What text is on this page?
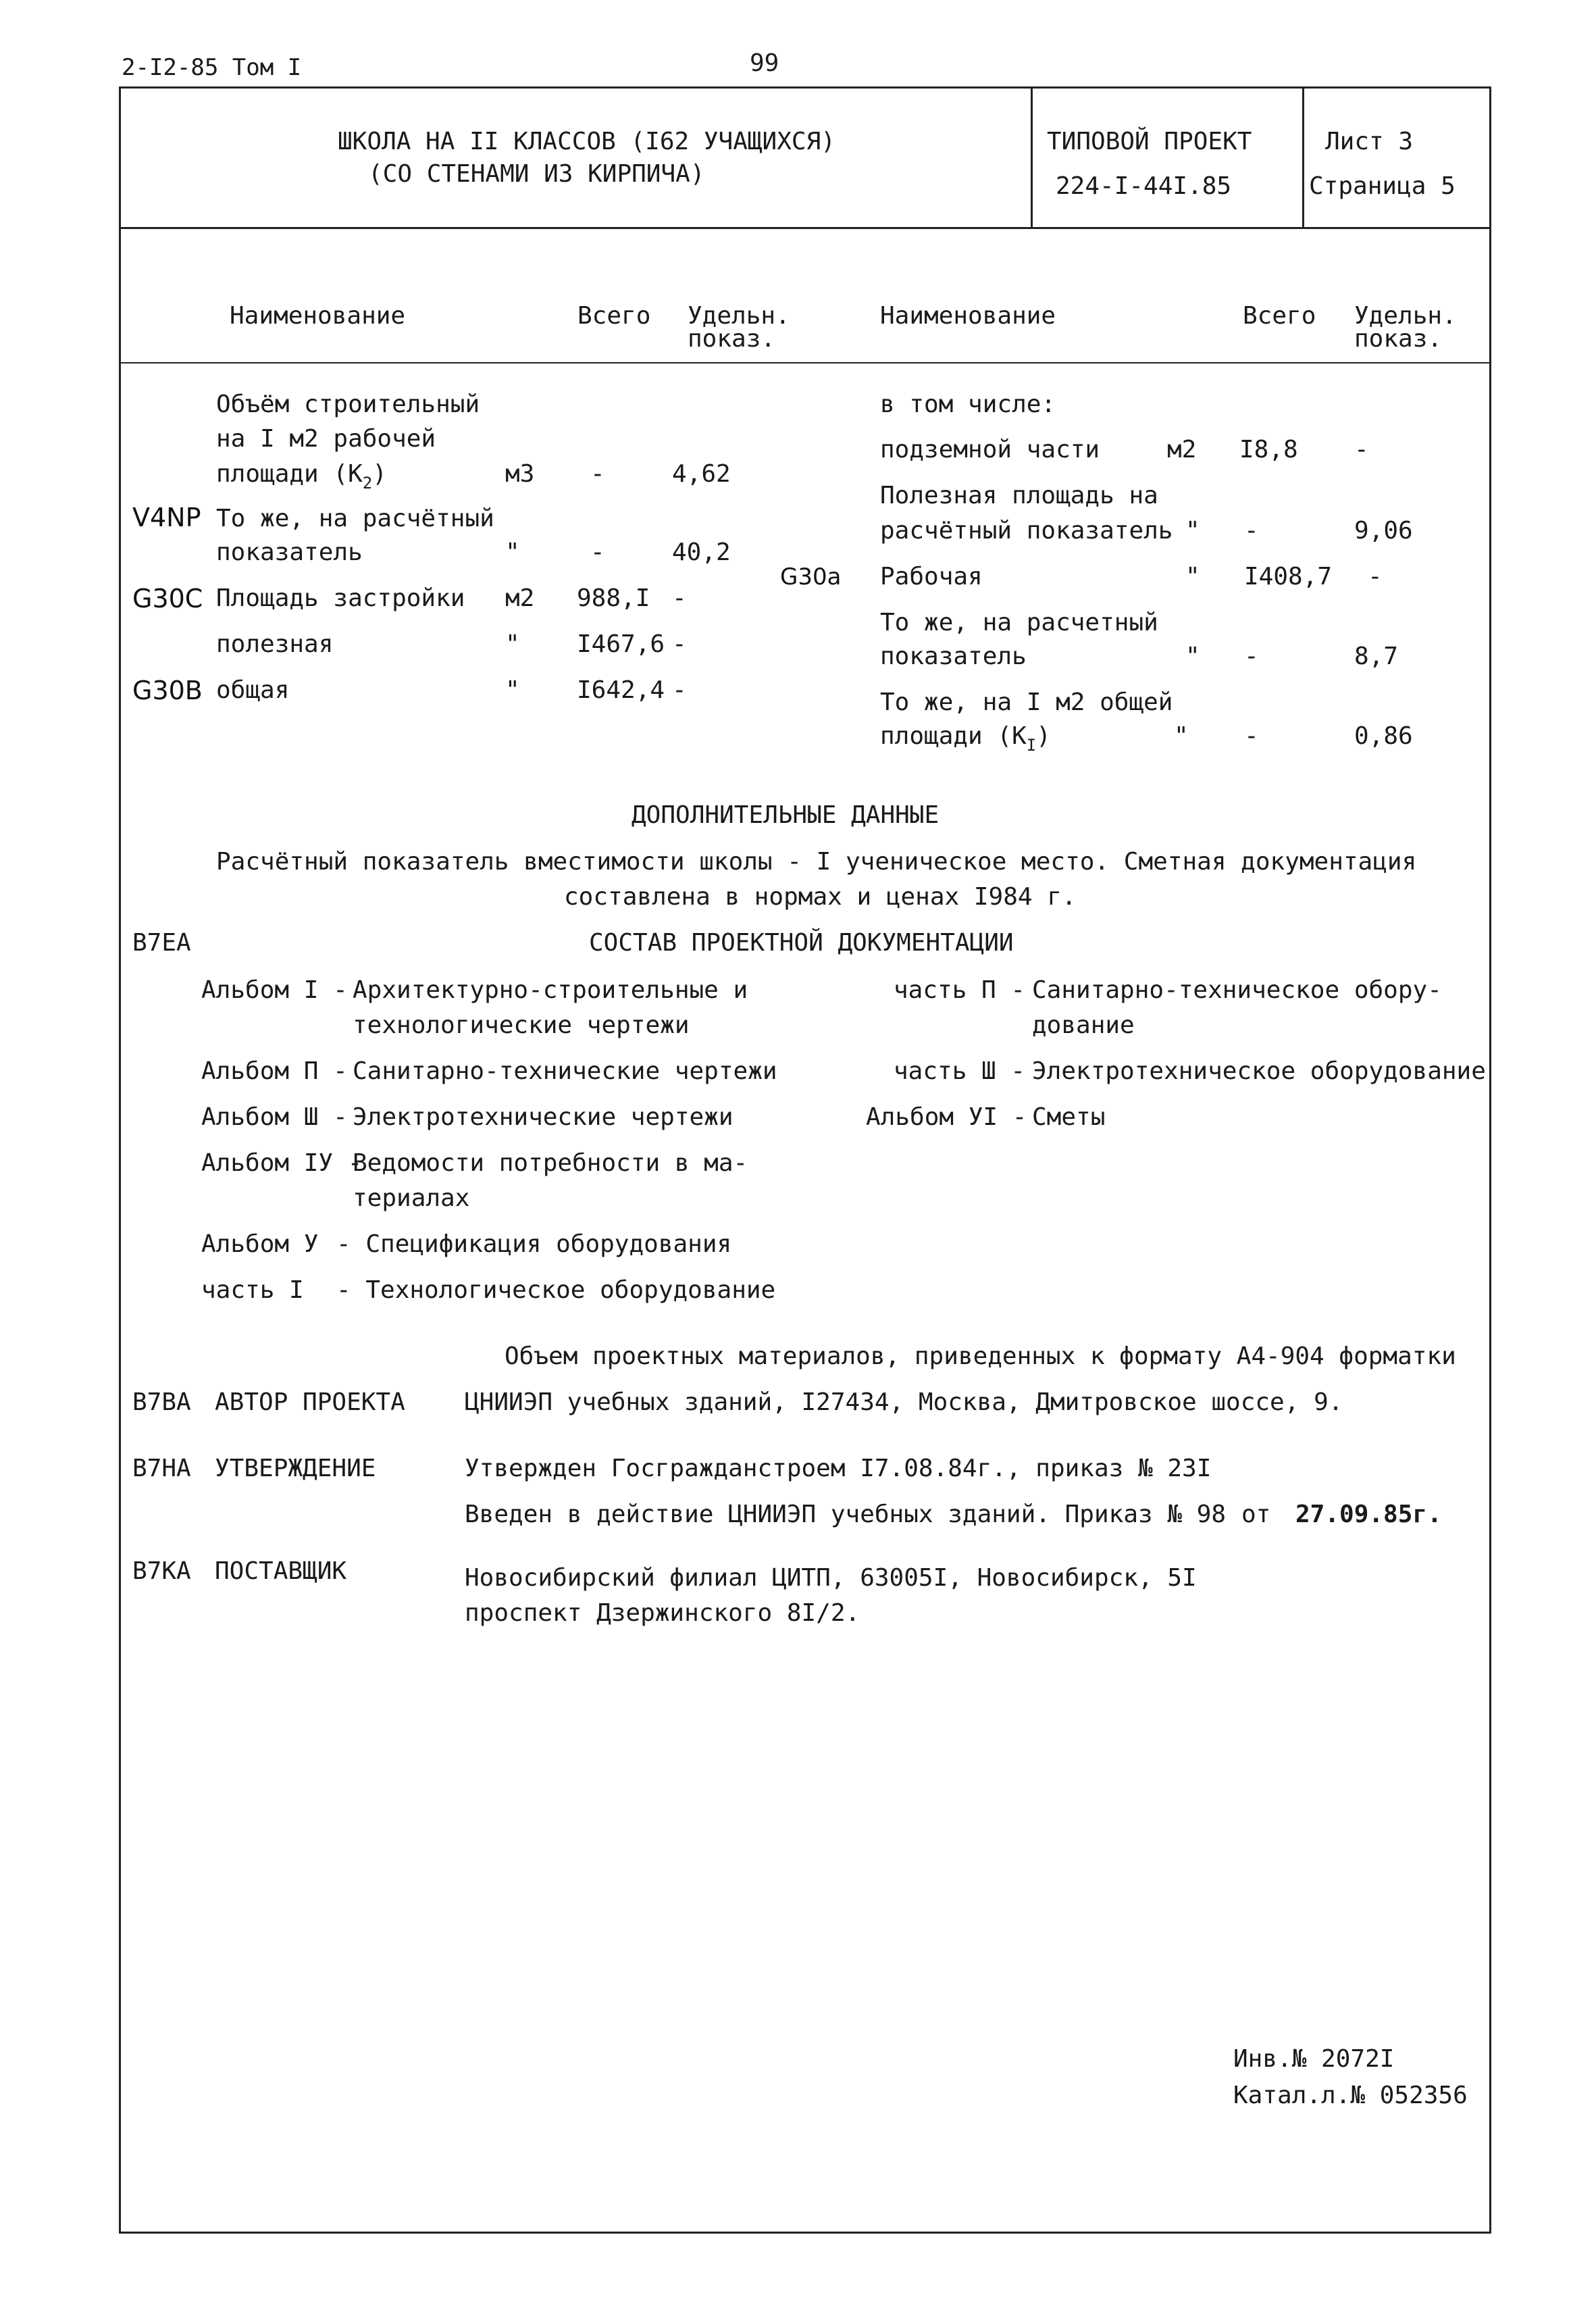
2-I2-85 Том I	99
ШКОЛА НА II КЛАССОВ (I62 УЧАЩИХСЯ)
(СО СТЕНАМИ ИЗ КИРПИЧА)
ТИПОВОЙ ПРОЕКТ
224-I-44I.85
Лист 3
Страница 5
Наименование	Всего Удельн.
показ.
Наименование	Всего Удельн.
показ.
Объём строительный
на I м2 рабочей
площади $(К_2)$	м3 -	4,62
V4NP То же, на расчётный
показатель	"	-	40,2
G30C Площадь застройки м2 988,I -
полезная	" I467,6 -
G30B общая	" I642,4 -
в том числе:
подземной части	м2 I8,8 -
Полезная площадь на
расчётный показатель " -	9,06
G30a Рабочая	" I408,7 -
То же, на расчетный
показатель	" -	8,7
То же, на I м2 общей
площади $(К_I)$	" -	0,86
ДОПОЛНИТЕЛЬНЫЕ ДАННЫЕ
Расчётный показатель вместимости школы - I ученическое место. Сметная документация
составлена в нормах и ценах I984 г.
B7EA	СОСТАВ ПРОЕКТНОЙ ДОКУМЕНТАЦИИ
Альбом I - Архитектурно-строительные и
технологические чертежи
Альбом П - Санитарно-технические чертежи
Альбом Ш - Электротехнические чертежи
Альбом IУ -
Ведомости потребности в ма-
териалах
Альбом У - Спецификация оборудования
часть I - Технологическое оборудование
часть П - Санитарно-техническое обору-
дование
часть Ш - Электротехническое оборудование
Альбом УI - Сметы
Объем проектных материалов, приведенных к формату А4-904 форматки
B7BA АВТОР ПРОЕКТА ЦНИИЭП учебных зданий, I27434, Москва, Дмитровское шоссе, 9.
B7HA УТВЕРЖДЕНИЕ	Утвержден Госгражданстроем I7.08.84г., приказ № 23I
Введен в действие ЦНИИЭП учебных зданий. Приказ № 98 от 27.09.85г.
B7KA ПОСТАВЩИК	Новосибирский филиал ЦИТП, 63005I, Новосибирск, 5I
проспект Дзержинского 8I/2.
Инв.№ 2072I
Катал.л.№ 052356
